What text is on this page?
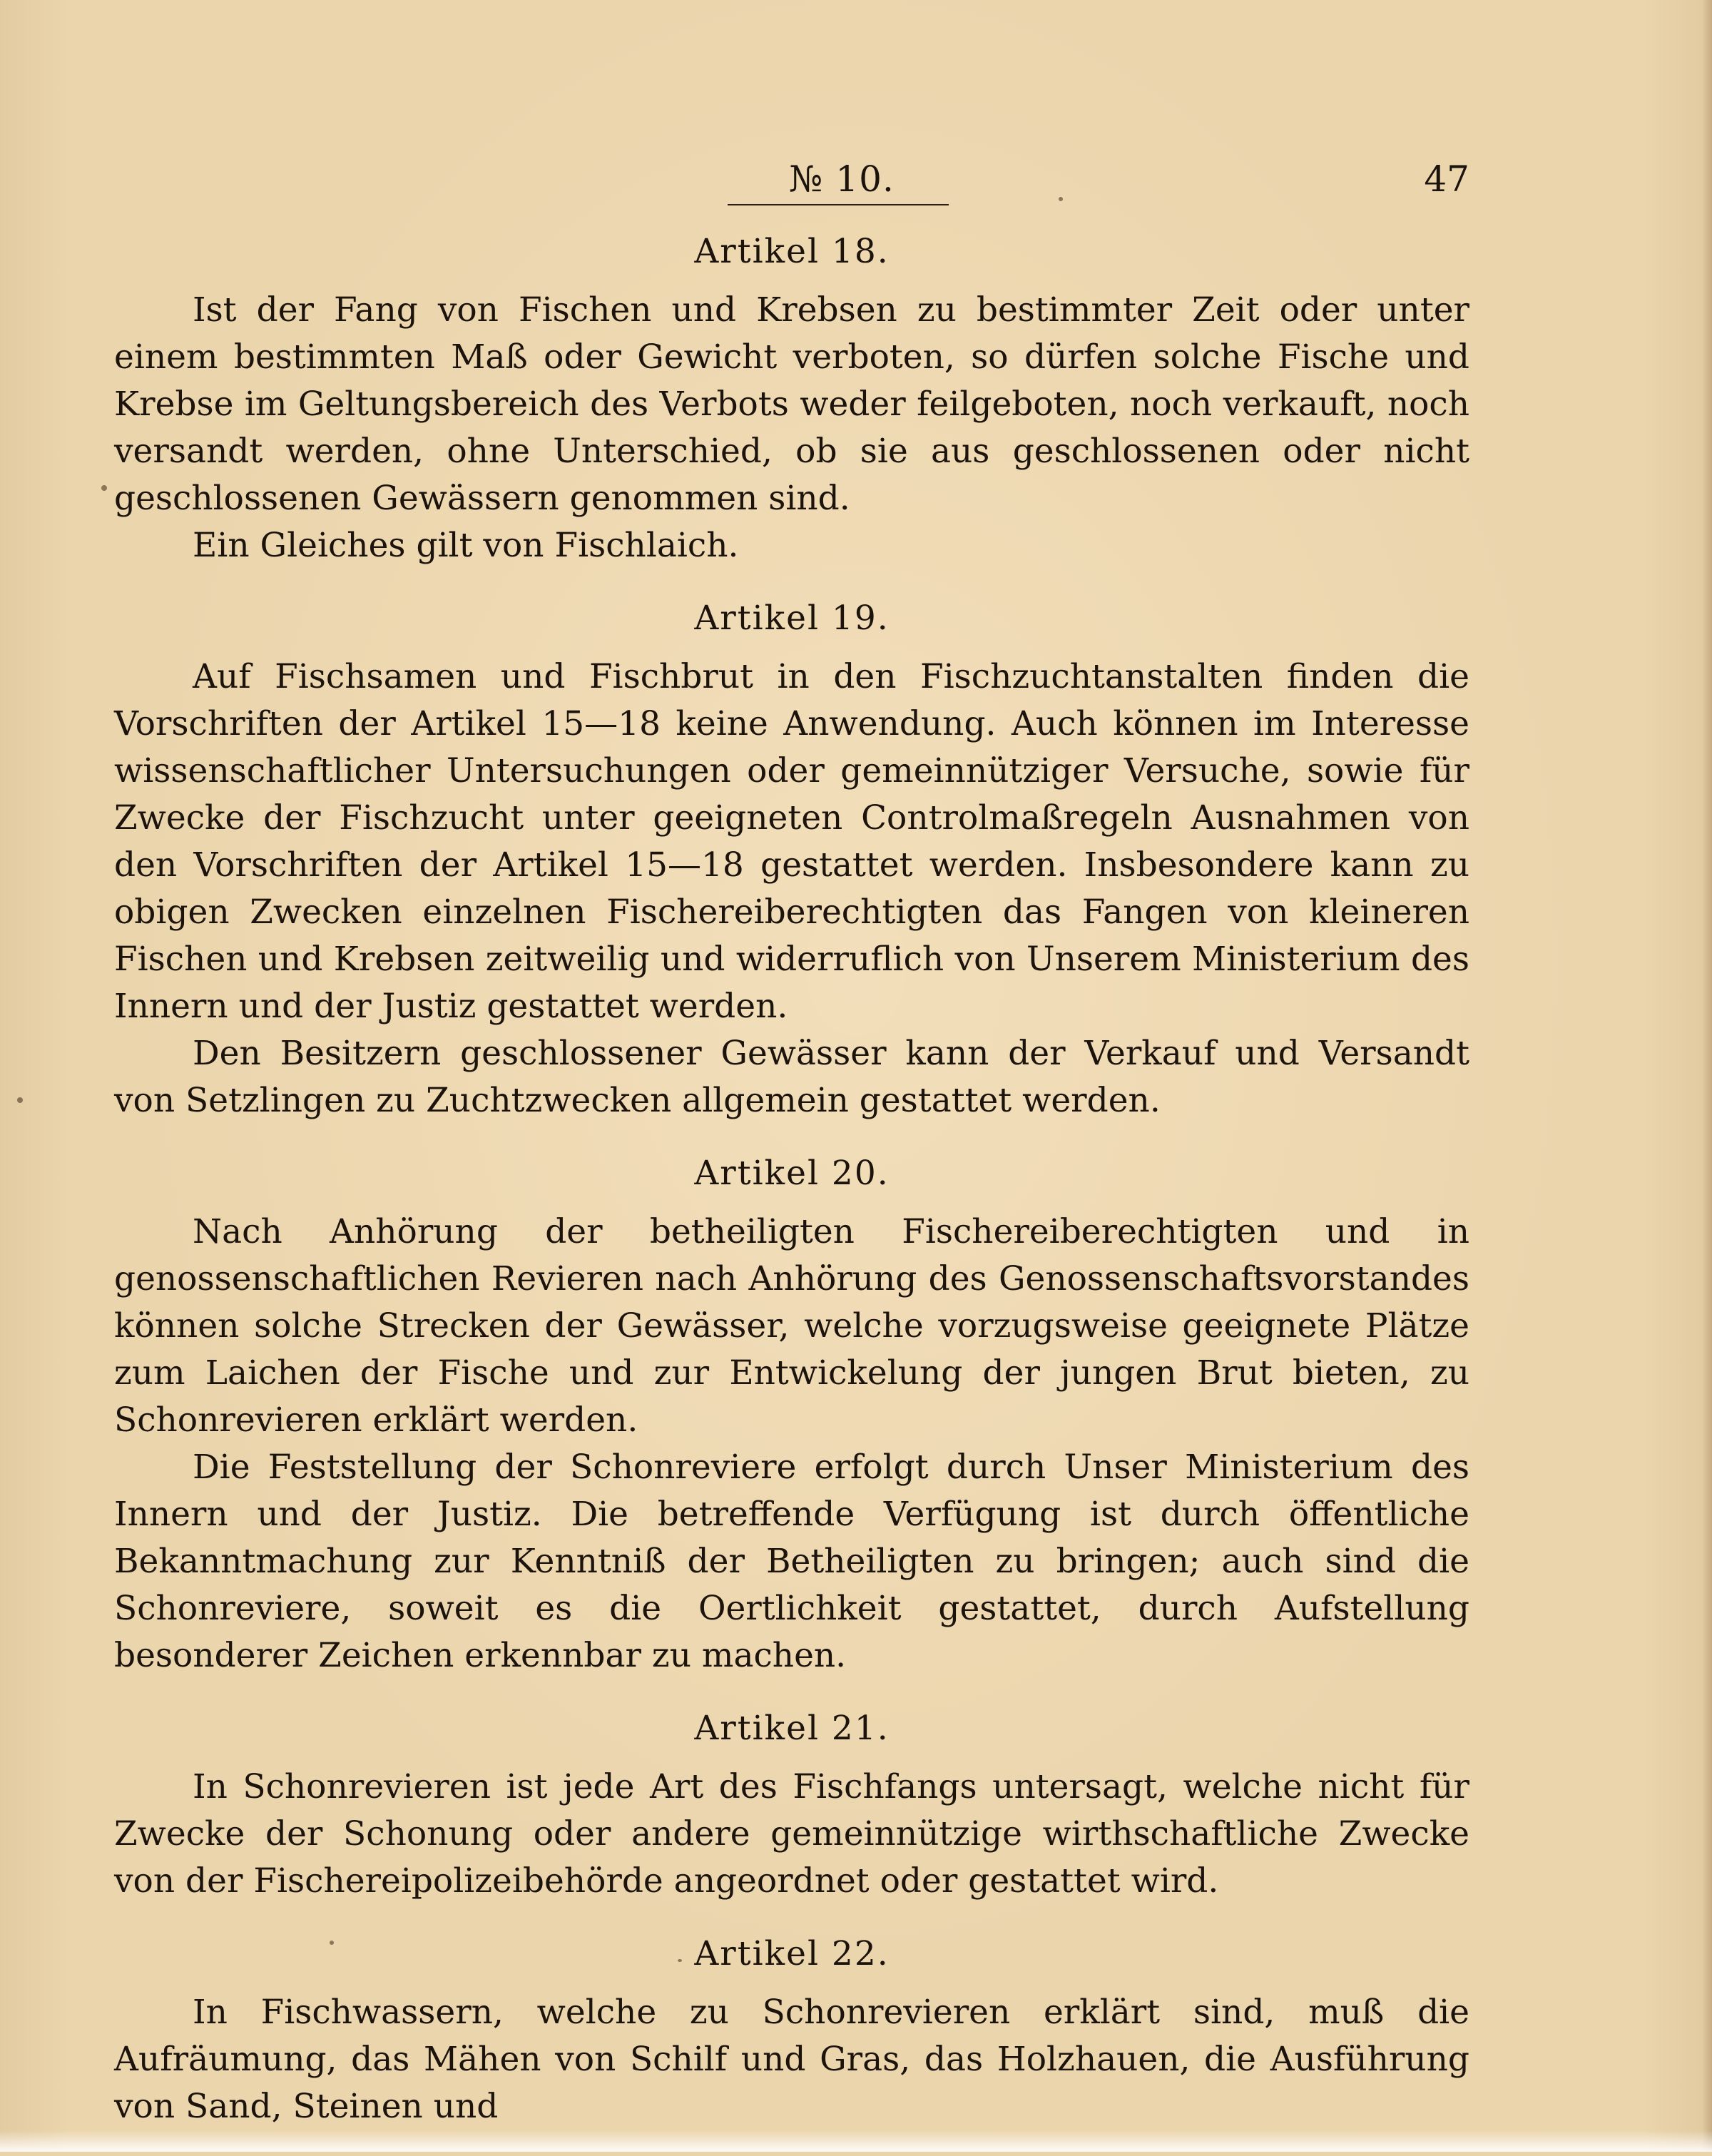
№ 10.	47
Artikel 18.

Ist der Fang von Fischen und Krebsen zu bestimmter Zeit oder unter einem bestimmten Maß oder Gewicht verboten, so dürfen solche Fische und Krebse im Geltungsbereich des Verbots weder feilgeboten, noch verkauft, noch versandt werden, ohne Unterschied, ob sie aus geschlossenen oder nicht geschlossenen Gewässern genommen sind.

Ein Gleiches gilt von Fischlaich.

Artikel 19.

Auf Fischsamen und Fischbrut in den Fischzuchtanstalten finden die Vorschriften der Artikel 15—18 keine Anwendung. Auch können im Interesse wissenschaftlicher Untersuchungen oder gemeinnütziger Versuche, sowie für Zwecke der Fischzucht unter geeigneten Controlmaßregeln Ausnahmen von den Vorschriften der Artikel 15—18 gestattet werden. Insbesondere kann zu obigen Zwecken einzelnen Fischereiberechtigten das Fangen von kleineren Fischen und Krebsen zeitweilig und widerruflich von Unserem Ministerium des Innern und der Justiz gestattet werden.

Den Besitzern geschlossener Gewässer kann der Verkauf und Versandt von Setzlingen zu Zuchtzwecken allgemein gestattet werden.

Artikel 20.

Nach Anhörung der betheiligten Fischereiberechtigten und in genossenschaftlichen Revieren nach Anhörung des Genossenschaftsvorstandes können solche Strecken der Gewässer, welche vorzugsweise geeignete Plätze zum Laichen der Fische und zur Entwickelung der jungen Brut bieten, zu Schonrevieren erklärt werden.

Die Feststellung der Schonreviere erfolgt durch Unser Ministerium des Innern und der Justiz. Die betreffende Verfügung ist durch öffentliche Bekanntmachung zur Kenntniß der Betheiligten zu bringen; auch sind die Schonreviere, soweit es die Oertlichkeit gestattet, durch Aufstellung besonderer Zeichen erkennbar zu machen.

Artikel 21.

In Schonrevieren ist jede Art des Fischfangs untersagt, welche nicht für Zwecke der Schonung oder andere gemeinnützige wirthschaftliche Zwecke von der Fischereipolizeibehörde angeordnet oder gestattet wird.

Artikel 22.

In Fischwassern, welche zu Schonrevieren erklärt sind, muß die Aufräumung, das Mähen von Schilf und Gras, das Holzhauen, die Ausführung von Sand, Steinen und
